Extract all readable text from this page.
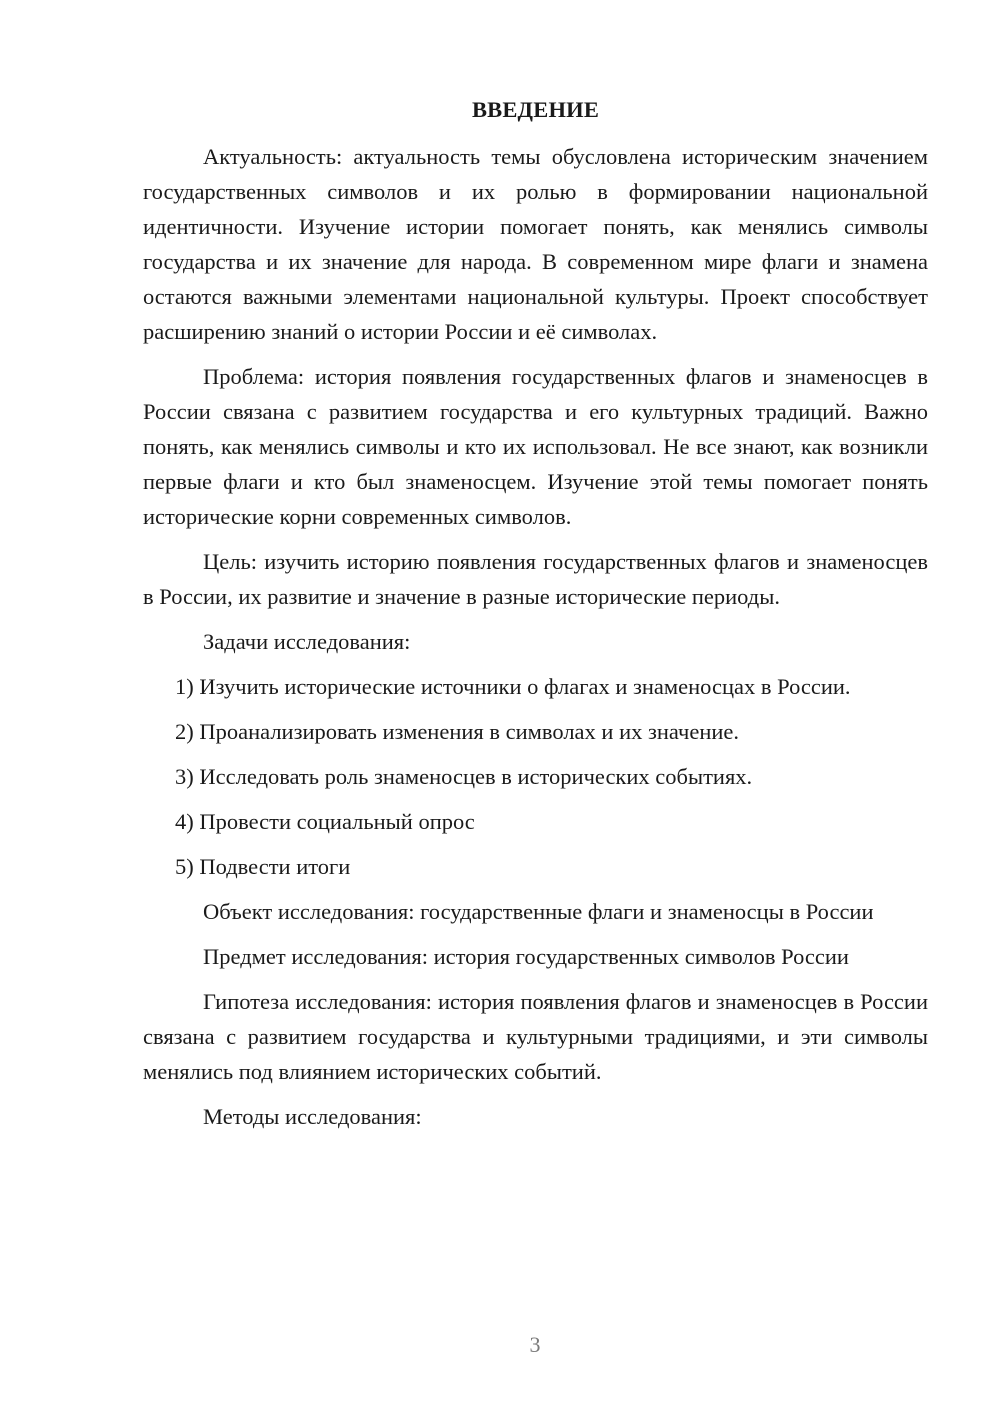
ВВЕДЕНИЕ

Актуальность: актуальность темы обусловлена историческим значением государственных символов и их ролью в формировании национальной идентичности. Изучение истории помогает понять, как менялись символы государства и их значение для народа. В современном мире флаги и знамена остаются важными элементами национальной культуры. Проект способствует расширению знаний о истории России и её символах.

Проблема: история появления государственных флагов и знаменосцев в России связана с развитием государства и его культурных традиций. Важно понять, как менялись символы и кто их использовал. Не все знают, как возникли первые флаги и кто был знаменосцем. Изучение этой темы помогает понять исторические корни современных символов.

Цель: изучить историю появления государственных флагов и знаменосцев в России, их развитие и значение в разные исторические периоды.

Задачи исследования:

1) Изучить исторические источники о флагах и знаменосцах в России.
2) Проанализировать изменения в символах и их значение.
3) Исследовать роль знаменосцев в исторических событиях.
4) Провести социальный опрос
5) Подвести итоги

Объект исследования: государственные флаги и знаменосцы в России

Предмет исследования: история государственных символов России

Гипотеза исследования: история появления флагов и знаменосцев в России связана с развитием государства и культурными традициями, и эти символы менялись под влиянием исторических событий.

Методы исследования:

3
